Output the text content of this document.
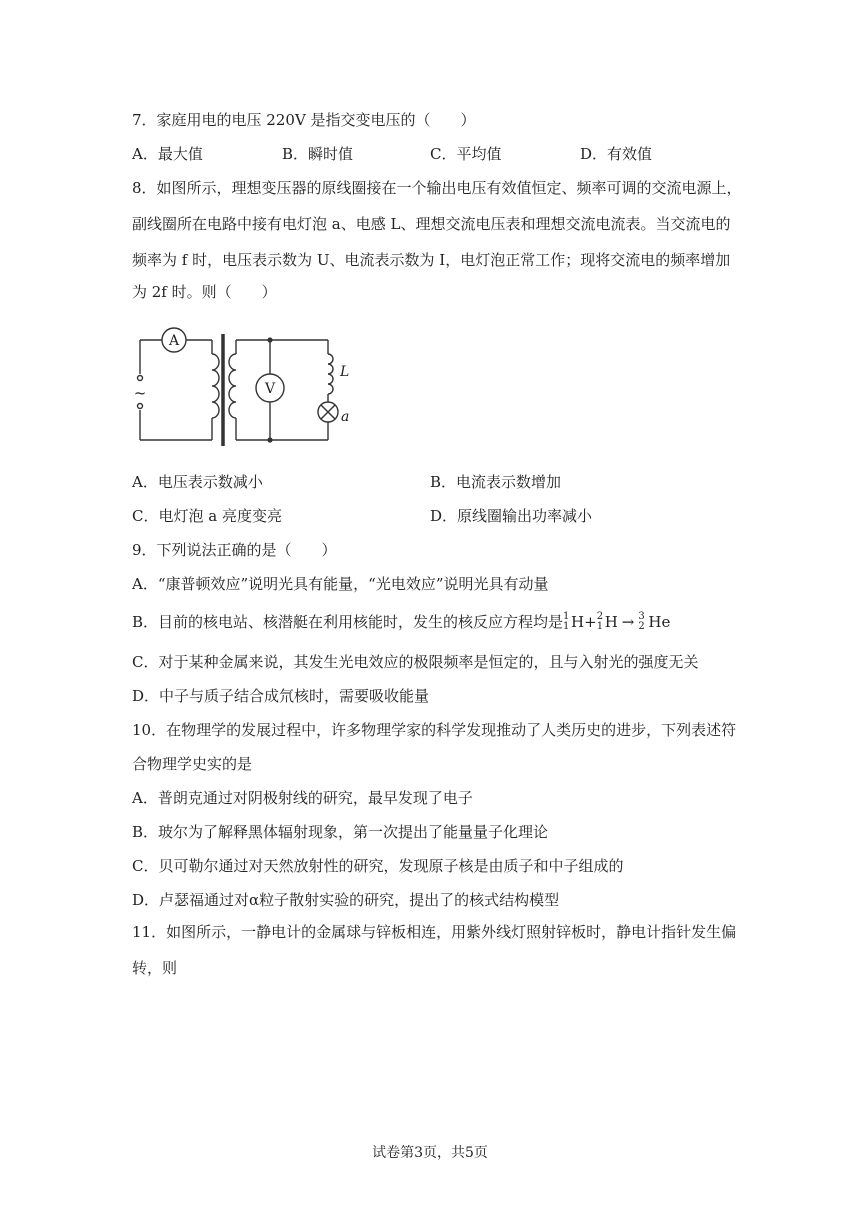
7．家庭用电的电压 220V 是指交变电压的（　　）
A．最大值	B．瞬时值	C．平均值	D．有效值
8．如图所示，理想变压器的原线圈接在一个输出电压有效值恒定、频率可调的交流电源上，
副线圈所在电路中接有电灯泡 a、电感 L、理想交流电压表和理想交流电流表。当交流电的
频率为 f 时，电压表示数为 U、电流表示数为 I，电灯泡正常工作；现将交流电的频率增加
为 2f 时。则（　　）
A
V
L
a
~
A．电压表示数减小	B．电流表示数增加
C．电灯泡 a 亮度变亮	D．原线圈输出功率减小
9．下列说法正确的是（　　）
A．“康普顿效应”说明光具有能量，“光电效应”说明光具有动量
B．目前的核电站、核潜艇在利用核能时，发生的核反应方程均是 1
1 H+ 2
1 H → 3
2 He
C．对于某种金属来说，其发生光电效应的极限频率是恒定的，且与入射光的强度无关
D．中子与质子结合成氘核时，需要吸收能量
10．在物理学的发展过程中，许多物理学家的科学发现推动了人类历史的进步，下列表述符
合物理学史实的是
A．普朗克通过对阴极射线的研究，最早发现了电子
B．玻尔为了解释黑体辐射现象，第一次提出了能量量子化理论
C．贝可勒尔通过对天然放射性的研究，发现原子核是由质子和中子组成的
D．卢瑟福通过对α粒子散射实验的研究，提出了的核式结构模型
11．如图所示，一静电计的金属球与锌板相连，用紫外线灯照射锌板时，静电计指针发生偏
转，则
试卷第3页，共5页
